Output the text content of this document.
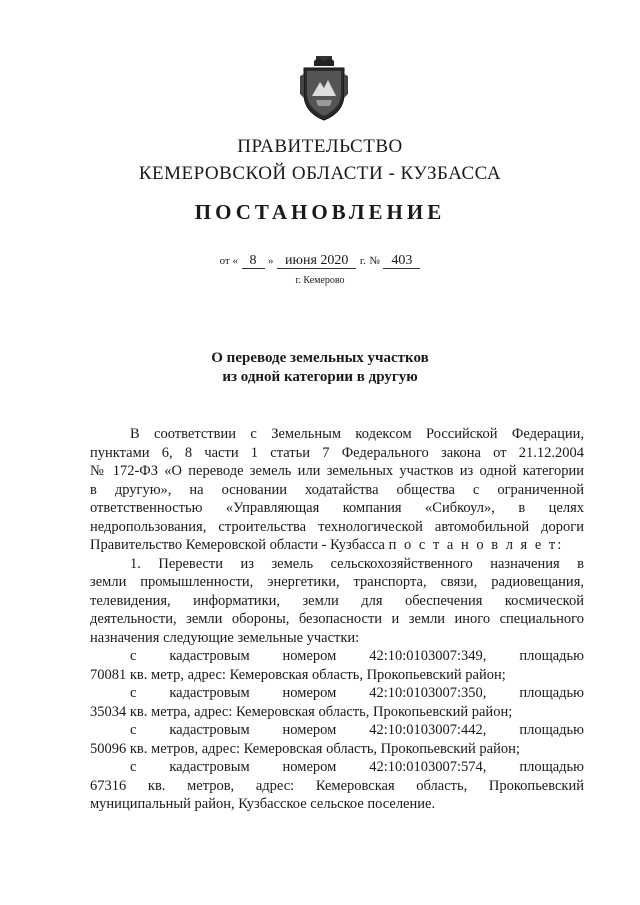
ПРАВИТЕЛЬСТВО
КЕМЕРОВСКОЙ ОБЛАСТИ - КУЗБАССА
ПОСТАНОВЛЕНИЕ
от « 8 » июня 2020 г. № 403
г. Кемерово
О переводе земельных участков
из одной категории в другую

В соответствии с Земельным кодексом Российской Федерации,

пунктами 6, 8 части 1 статьи 7 Федерального закона от 21.12.2004

№ 172-ФЗ «О переводе земель или земельных участков из одной категории

в другую», на основании ходатайства общества с ограниченной

ответственностью «Управляющая компания «Сибкоул», в целях

недропользования, строительства технологической автомобильной дороги

Правительство Кемеровской области - Кузбасса п о с т а н о в л я е т:

1. Перевести из земель сельскохозяйственного назначения в

земли промышленности, энергетики, транспорта, связи, радиовещания,

телевидения, информатики, земли для обеспечения космической

деятельности, земли обороны, безопасности и земли иного специального

назначения следующие земельные участки:

с кадастровым номером 42:10:0103007:349, площадью

70081 кв. метр, адрес: Кемеровская область, Прокопьевский район;

с кадастровым номером 42:10:0103007:350, площадью

35034 кв. метра, адрес: Кемеровская область, Прокопьевский район;

с кадастровым номером 42:10:0103007:442, площадью

50096 кв. метров, адрес: Кемеровская область, Прокопьевский район;

с кадастровым номером 42:10:0103007:574, площадью

67316 кв. метров, адрес: Кемеровская область, Прокопьевский

муниципальный район, Кузбасское сельское поселение.
